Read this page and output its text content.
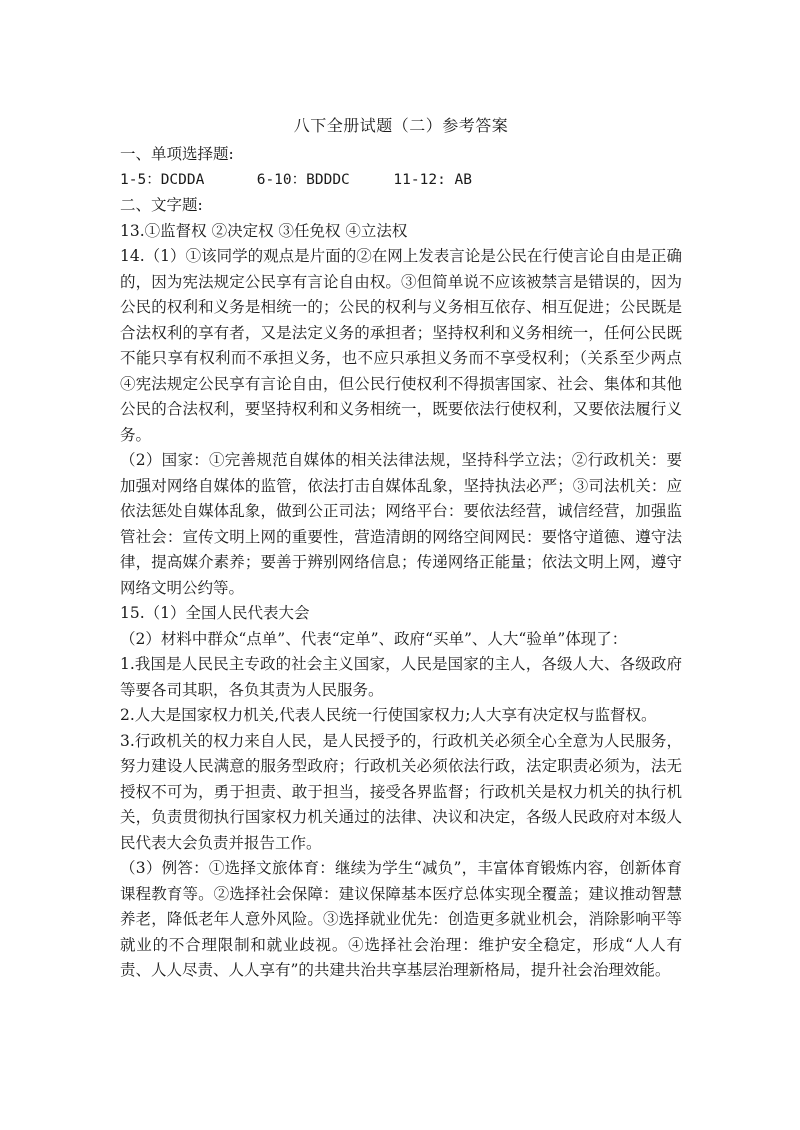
八下全册试题（二）参考答案
一、单项选择题:
1-5：DCDDA      6-10：BDDDC     11-12: AB
二、文字题:
13.①监督权 ②决定权 ③任免权 ④立法权
14.（1）①该同学的观点是片面的②在网上发表言论是公民在行使言论自由是正确的，因为宪法规定公民享有言论自由权。③但简单说不应该被禁言是错误的，因为公民的权利和义务是相统一的；公民的权利与义务相互依存、相互促进；公民既是合法权利的享有者，又是法定义务的承担者；坚持权利和义务相统一，任何公民既不能只享有权利而不承担义务，也不应只承担义务而不享受权利；（关系至少两点④宪法规定公民享有言论自由，但公民行使权利不得损害国家、社会、集体和其他公民的合法权利，要坚持权利和义务相统一，既要依法行使权利，又要依法履行义务。
（2）国家：①完善规范自媒体的相关法律法规，坚持科学立法；②行政机关：要加强对网络自媒体的监管，依法打击自媒体乱象，坚持执法必严；③司法机关：应依法惩处自媒体乱象，做到公正司法；网络平台：要依法经营，诚信经营，加强监管社会：宣传文明上网的重要性，营造清朗的网络空间网民：要恪守道德、遵守法律，提高媒介素养；要善于辨别网络信息；传递网络正能量；依法文明上网，遵守网络文明公约等。
15.（1）全国人民代表大会
（2）材料中群众“点单”、代表“定单”、政府“买单”、人大“验单”体现了：
1.我国是人民民主专政的社会主义国家，人民是国家的主人，各级人大、各级政府等要各司其职，各负其责为人民服务。
2.人大是国家权力机关,代表人民统一行使国家权力;人大享有决定权与监督权。
3.行政机关的权力来自人民，是人民授予的，行政机关必须全心全意为人民服务，努力建设人民满意的服务型政府；行政机关必须依法行政，法定职责必须为，法无授权不可为，勇于担责、敢于担当，接受各界监督；行政机关是权力机关的执行机关，负责贯彻执行国家权力机关通过的法律、决议和决定，各级人民政府对本级人民代表大会负责并报告工作。
（3）例答：①选择文旅体育：继续为学生“减负”，丰富体育锻炼内容，创新体育课程教育等。②选择社会保障：建议保障基本医疗总体实现全覆盖；建议推动智慧养老，降低老年人意外风险。③选择就业优先：创造更多就业机会，消除影响平等就业的不合理限制和就业歧视。④选择社会治理：维护安全稳定，形成“人人有责、人人尽责、人人享有”的共建共治共享基层治理新格局，提升社会治理效能。
